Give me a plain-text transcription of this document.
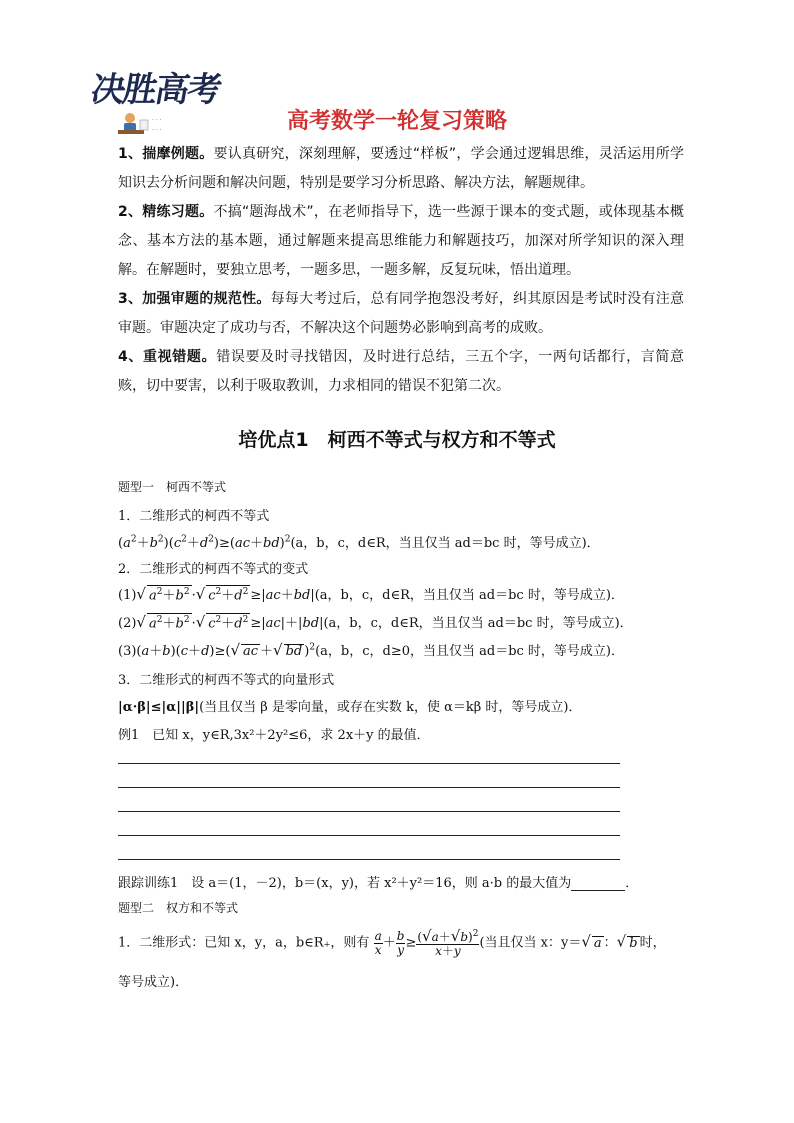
决胜高考
· · ·
· · ·	高考数学一轮复习策略

1、揣摩例题。要认真研究，深刻理解，要透过“样板”，学会通过逻辑思维，灵活运用所学知识去分析问题和解决问题，特别是要学习分析思路、解决方法，解题规律。

2、精练习题。不搞“题海战术”，在老师指导下，选一些源于课本的变式题，或体现基本概念、基本方法的基本题，通过解题来提高思维能力和解题技巧，加深对所学知识的深入理解。在解题时，要独立思考，一题多思，一题多解，反复玩味，悟出道理。

3、加强审题的规范性。每每大考过后，总有同学抱怨没考好，纠其原因是考试时没有注意审题。审题决定了成功与否，不解决这个问题势必影响到高考的成败。

4、重视错题。错误要及时寻找错因，及时进行总结，三五个字，一两句话都行，言简意赅，切中要害，以利于吸取教训，力求相同的错误不犯第二次。

培优点1　柯西不等式与权方和不等式
题型一　柯西不等式
1．二维形式的柯西不等式
$(a^2+b^2)(c^2+d^2)\ge(ac+bd)^2(a$，b，c，d∈R，当且仅当 ad＝bc 时，等号成立)．
2．二维形式的柯西不等式的变式
(1)√ $a^2+b^2$ ·√ $c^2+d^2 \ge|ac+bd|(a$，b，c，d∈R，当且仅当 ad＝bc 时，等号成立)．
(2)√ $a^2+b^2$ ·√ $c^2+d^2 \ge|ac|+|bd|(a$，b，c，d∈R，当且仅当 ad＝bc 时，等号成立)．
(3)(a＋b)(c＋d)≥(√ ac ＋√ bd )$^2$(a，b，c，d≥0，当且仅当 ad＝bc 时，等号成立)．
3．二维形式的柯西不等式的向量形式
|α·β|≤|α||β|(当且仅当 β 是零向量，或存在实数 k，使 α＝kβ 时，等号成立)．
例1　已知 x，y∈R,3x²＋2y²≤6，求 2x＋y 的最值．
跟踪训练1　设 a＝(1，－2)，b＝(x，y)，若 x²＋y²＝16，则 a·b 的最大值为	．
题型二　权方和不等式
1．二维形式：已知 x，y，a，b∈R₊，则有 $\frac{a}{x} + \frac{b}{y} \ge \frac{(√a+√b)^2}{x+y}$ (当且仅当 x：y＝√ a ：√ b 时，
等号成立)．
